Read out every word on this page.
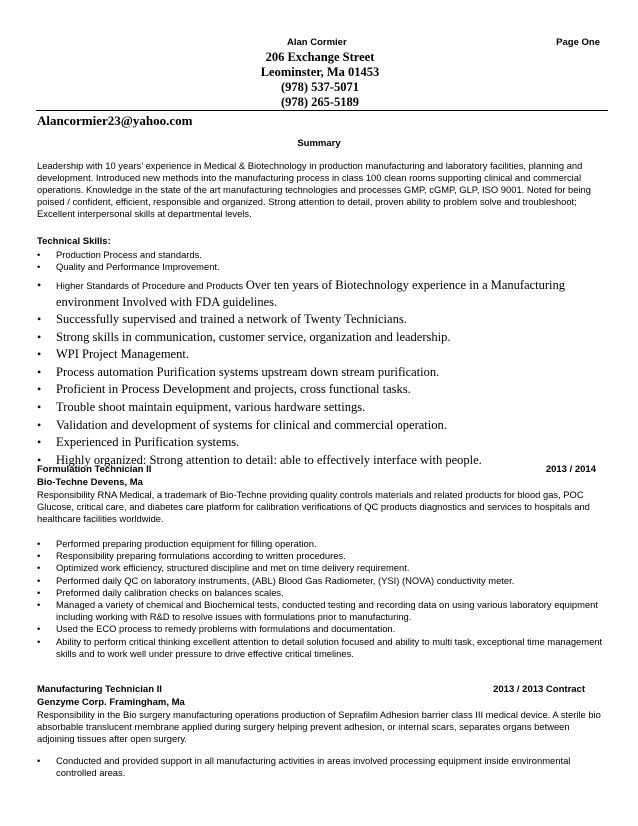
Alan Cormier	Page One
206 Exchange Street
Leominster, Ma 01453
(978) 537-5071
(978) 265-5189
Alancormier23@yahoo.com
Summary
Leadership with 10 years’ experience in Medical & Biotechnology in production manufacturing and laboratory facilities, planning and development. Introduced new methods into the manufacturing process in class 100 clean rooms supporting clinical and commercial operations. Knowledge in the state of the art manufacturing technologies and processes GMP, cGMP, GLP, ISO 9001. Noted for being poised / confident, efficient, responsible and organized. Strong attention to detail, proven ability to problem solve and troubleshoot; Excellent interpersonal skills at departmental levels.
Technical Skills:
• Production Process and standards.
• Quality and Performance Improvement.
• Higher Standards of Procedure and Products Over ten years of Biotechnology experience in a Manufacturing environment Involved with FDA guidelines.
• Successfully supervised and trained a network of Twenty Technicians.
• Strong skills in communication, customer service, organization and leadership.
• WPI Project Management.
• Process automation Purification systems upstream down stream purification.
• Proficient in Process Development and projects, cross functional tasks.
• Trouble shoot maintain equipment, various hardware settings.
• Validation and development of systems for clinical and commercial operation.
• Experienced in Purification systems.
• Highly organized: Strong attention to detail: able to effectively interface with people.
Formulation Technician II	2013 / 2014
Bio-Techne Devens, Ma
Responsibility RNA Medical, a trademark of Bio-Techne providing quality controls materials and related products for blood gas, POC Glucose, critical care, and diabetes care platform for calibration verifications of QC products diagnostics and services to hospitals and healthcare facilities worldwide.
• Performed preparing production equipment for filling operation.
• Responsibility preparing formulations according to written procedures.
• Optimized work efficiency, structured discipline and met on time delivery requirement.
• Performed daily QC on laboratory instruments, (ABL) Blood Gas Radiometer, (YSI) (NOVA) conductivity meter.
• Preformed daily calibration checks on balances scales.
• Managed a variety of chemical and Biochemical tests, conducted testing and recording data on using various laboratory equipment including working with R&D to resolve issues with formulations prior to manufacturing.
• Used the ECO process to remedy problems with formulations and documentation.
• Ability to perform critical thinking excellent attention to detail solution focused and ability to multi task, exceptional time management skills and to work well under pressure to drive effective critical timelines.
Manufacturing Technician II	2013 / 2013 Contract
Genzyme Corp. Framingham, Ma
Responsibility in the Bio surgery manufacturing operations production of Seprafilm Adhesion barrier class III medical device. A sterile bio absorbable translucent membrane applied during surgery helping prevent adhesion, or internal scars, separates organs between adjoining tissues after open surgery.
• Conducted and provided support in all manufacturing activities in areas involved processing equipment inside environmental controlled areas.
